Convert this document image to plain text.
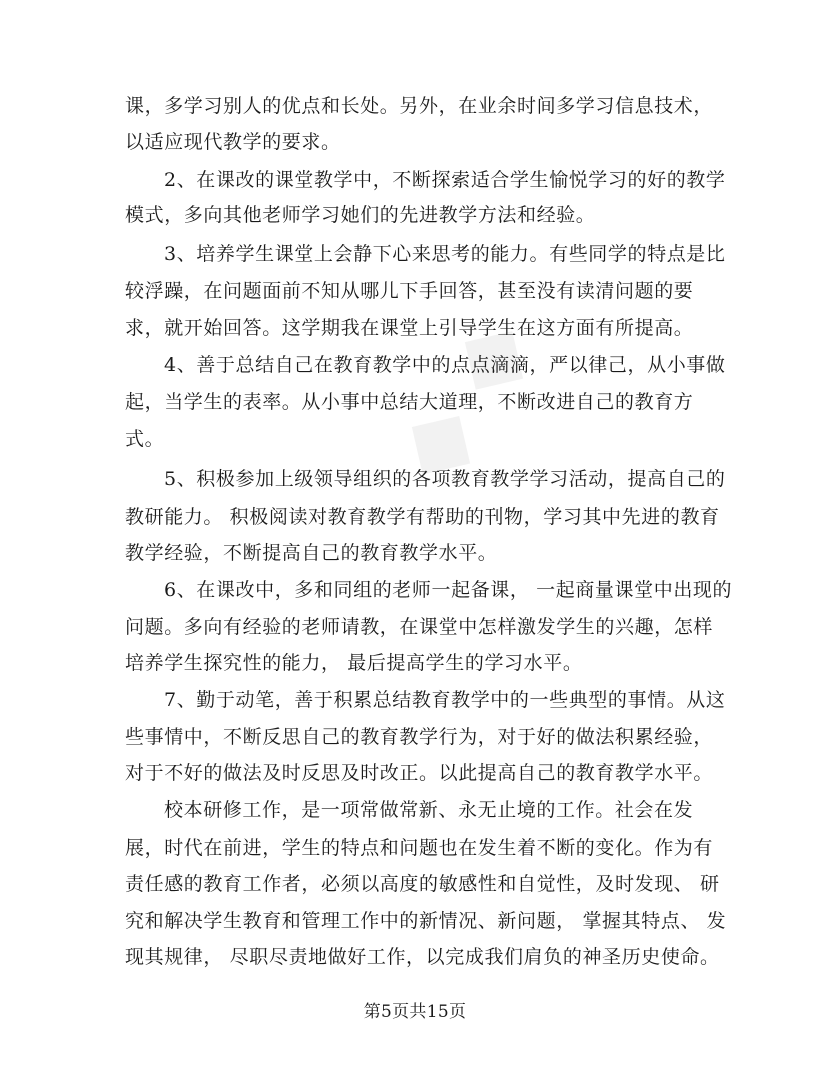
◆
◆
课，多学习别人的优点和长处。另外，在业余时间多学习信息技术，
以适应现代教学的要求。
2、在课改的课堂教学中，不断探索适合学生愉悦学习的好的教学
模式，多向其他老师学习她们的先进教学方法和经验。
3、培养学生课堂上会静下心来思考的能力。有些同学的特点是比
较浮躁，在问题面前不知从哪儿下手回答，甚至没有读清问题的要
求，就开始回答。这学期我在课堂上引导学生在这方面有所提高。
4、善于总结自己在教育教学中的点点滴滴，严以律己，从小事做
起，当学生的表率。从小事中总结大道理，不断改进自己的教育方
式。
5、积极参加上级领导组织的各项教育教学学习活动，提高自己的
教研能力。 积极阅读对教育教学有帮助的刊物，学习其中先进的教育
教学经验，不断提高自己的教育教学水平。
6、在课改中，多和同组的老师一起备课， 一起商量课堂中出现的
问题。多向有经验的老师请教，在课堂中怎样激发学生的兴趣，怎样
培养学生探究性的能力， 最后提高学生的学习水平。
7、勤于动笔，善于积累总结教育教学中的一些典型的事情。从这
些事情中，不断反思自己的教育教学行为，对于好的做法积累经验，
对于不好的做法及时反思及时改正。以此提高自己的教育教学水平。
校本研修工作，是一项常做常新、永无止境的工作。社会在发
展，时代在前进，学生的特点和问题也在发生着不断的变化。作为有
责任感的教育工作者，必须以高度的敏感性和自觉性，及时发现、 研
究和解决学生教育和管理工作中的新情况、新问题， 掌握其特点、 发
现其规律， 尽职尽责地做好工作，以完成我们肩负的神圣历史使命。
第5页共15页
